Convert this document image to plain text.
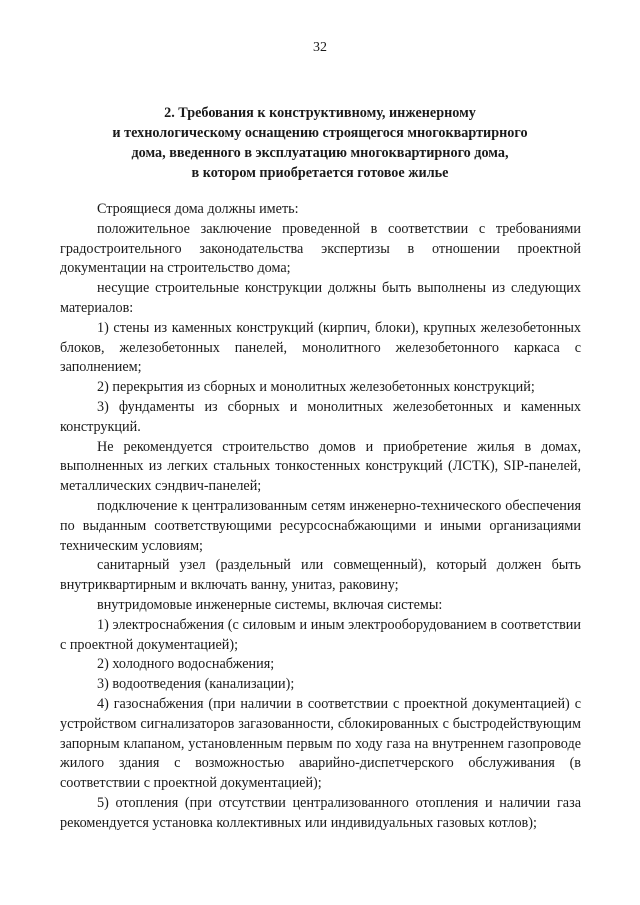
32
2. Требования к конструктивному, инженерному
и технологическому оснащению строящегося многоквартирного
дома, введенного в эксплуатацию многоквартирного дома,
в котором приобретается готовое жилье

Строящиеся дома должны иметь:

положительное заключение проведенной в соответствии с требованиями градостроительного законодательства экспертизы в отношении проектной документации на строительство дома;

несущие строительные конструкции должны быть выполнены из следующих материалов:

1) стены из каменных конструкций (кирпич, блоки), крупных железобетонных блоков, железобетонных панелей, монолитного железобетонного каркаса с заполнением;

2) перекрытия из сборных и монолитных железобетонных конструкций;

3) фундаменты из сборных и монолитных железобетонных и каменных конструкций.

Не рекомендуется строительство домов и приобретение жилья в домах, выполненных из легких стальных тонкостенных конструкций (ЛСТК), SIP-панелей, металлических сэндвич-панелей;

подключение к централизованным сетям инженерно-технического обеспечения по выданным соответствующими ресурсоснабжающими и иными организациями техническим условиям;

санитарный узел (раздельный или совмещенный), который должен быть внутриквартирным и включать ванну, унитаз, раковину;

внутридомовые инженерные системы, включая системы:

1) электроснабжения (с силовым и иным электрооборудованием в соответствии с проектной документацией);

2) холодного водоснабжения;

3) водоотведения (канализации);

4) газоснабжения (при наличии в соответствии с проектной документацией) с устройством сигнализаторов загазованности, сблокированных с быстродействующим запорным клапаном, установленным первым по ходу газа на внутреннем газопроводе жилого здания с возможностью аварийно-диспетчерского обслуживания (в соответствии с проектной документацией);

5) отопления (при отсутствии централизованного отопления и наличии газа рекомендуется установка коллективных или индивидуальных газовых котлов);
